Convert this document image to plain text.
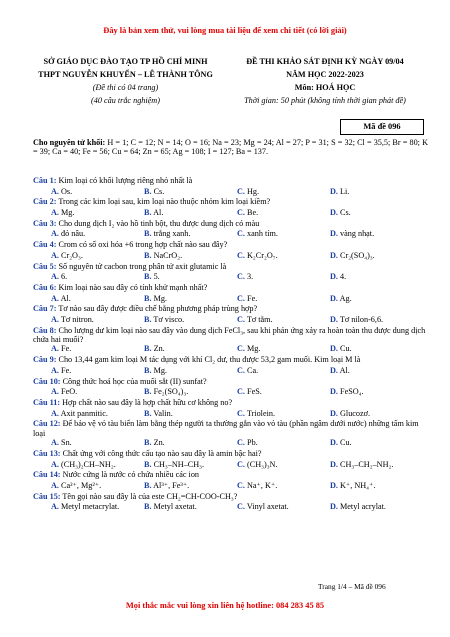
Đây là bản xem thử, vui lòng mua tài liệu để xem chi tiết (có lời giải)
SỞ GIÁO DỤC ĐÀO TẠO TP HỒ CHÍ MINH
THPT NGUYỄN KHUYẾN – LÊ THÀNH TÔNG
(Đề thi có 04 trang)
(40 câu trắc nghiệm)
ĐỀ THI KHẢO SÁT ĐỊNH KỲ NGÀY 09/04
NĂM HỌC 2022-2023
Môn: HOÁ HỌC
Thời gian: 50 phút (không tính thời gian phát đề)
Mã đề 096
Cho nguyên tử khối: H = 1; C = 12; N = 14; O = 16; Na = 23; Mg = 24; Al = 27; P = 31; S = 32; Cl = 35,5; Br = 80; K = 39; Ca = 40; Fe = 56; Cu = 64; Zn = 65; Ag = 108; I = 127; Ba = 137.
Câu 1: Kim loại có khối lượng riêng nhỏ nhất là
A. Os.	B. Cs.	C. Hg.	D. Li.
Câu 2: Trong các kim loại sau, kim loại nào thuộc nhóm kim loại kiềm?
A. Mg.	B. Al.	C. Be.	D. Cs.
Câu 3: Cho dung dịch I₂ vào hồ tinh bột, thu được dung dịch có màu
A. đỏ nâu.	B. trắng xanh.	C. xanh tím.	D. vàng nhạt.
Câu 4: Crom có số oxi hóa +6 trong hợp chất nào sau đây?
A. Cr₂O₃.	B. NaCrO₂.	C. K₂Cr₂O₇.	D. Cr₂(SO₄)₃.
Câu 5: Số nguyên tử cacbon trong phân tử axit glutamic là
A. 6.	B. 5.	C. 3.	D. 4.
Câu 6: Kim loại nào sau đây có tính khử mạnh nhất?
A. Al.	B. Mg.	C. Fe.	D. Ag.
Câu 7: Tơ nào sau đây được điều chế bằng phương pháp trùng hợp?
A. Tơ nitron.	B. Tơ visco.	C. Tơ tằm.	D. Tơ nilon-6,6.
Câu 8: Cho lượng dư kim loại nào sau đây vào dung dịch FeCl₃, sau khi phản ứng xảy ra hoàn toàn thu được dung dịch chứa hai muối?
A. Fe.	B. Zn.	C. Mg.	D. Cu.
Câu 9: Cho 13,44 gam kim loại M tác dụng với khí Cl₂ dư, thu được 53,2 gam muối. Kim loại M là
A. Fe.	B. Mg.	C. Ca.	D. Al.
Câu 10: Công thức hoá học của muối sắt (II) sunfat?
A. FeO.	B. Fe₂(SO₄)₃.	C. FeS.	D. FeSO₄.
Câu 11: Hợp chất nào sau đây là hợp chất hữu cơ không no?
A. Axit panmitic.	B. Valin.	C. Triolein.	D. Glucozơ.
Câu 12: Để bảo vệ vỏ tàu biển làm bằng thép người ta thường gắn vào vỏ tàu (phần ngâm dưới nước) những tấm kim loại
A. Sn.	B. Zn.	C. Pb.	D. Cu.
Câu 13: Chất ứng với công thức cấu tạo nào sau đây là amin bậc hai?
A. (CH₃)₂CH–NH₂.	B. CH₃–NH–CH₃.	C. (CH₃)₃N.	D. CH₃–CH₂–NH₂.
Câu 14: Nước cứng là nước có chứa nhiều các ion
A. Ca²⁺, Mg²⁺.	B. Al³⁺, Fe³⁺.	C. Na⁺, K⁺.	D. K⁺, NH₄⁺.
Câu 15: Tên gọi nào sau đây là của este CH₂=CH-COO-CH₃?
A. Metyl metacrylat.	B. Metyl axetat.	C. Vinyl axetat.	D. Metyl acrylat.
Trang 1/4 – Mã đề 096
Mọi thắc mắc vui lòng xin liên hệ hotline: 084 283 45 85
